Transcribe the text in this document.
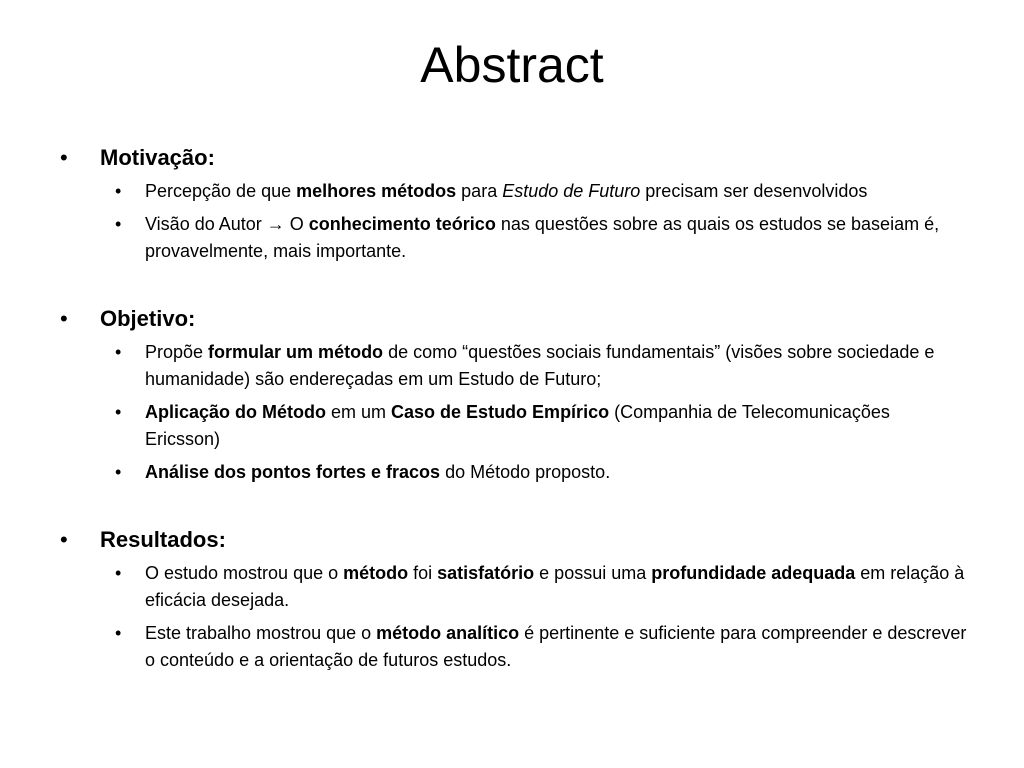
Abstract
• Motivação:
• Percepção de que melhores métodos para Estudo de Futuro precisam ser desenvolvidos
• Visão do Autor → O conhecimento teórico nas questões sobre as quais os estudos se baseiam é, provavelmente, mais importante.
• Objetivo:
• Propõe formular um método de como “questões sociais fundamentais” (visões sobre sociedade e humanidade) são endereçadas em um Estudo de Futuro;
• Aplicação do Método em um Caso de Estudo Empírico (Companhia de Telecomunicações Ericsson)
• Análise dos pontos fortes e fracos do Método proposto.
• Resultados:
• O estudo mostrou que o método foi satisfatório e possui uma profundidade adequada em relação à eficácia desejada.
• Este trabalho mostrou que o método analítico é pertinente e suficiente para compreender e descrever o conteúdo e a orientação de futuros estudos.
